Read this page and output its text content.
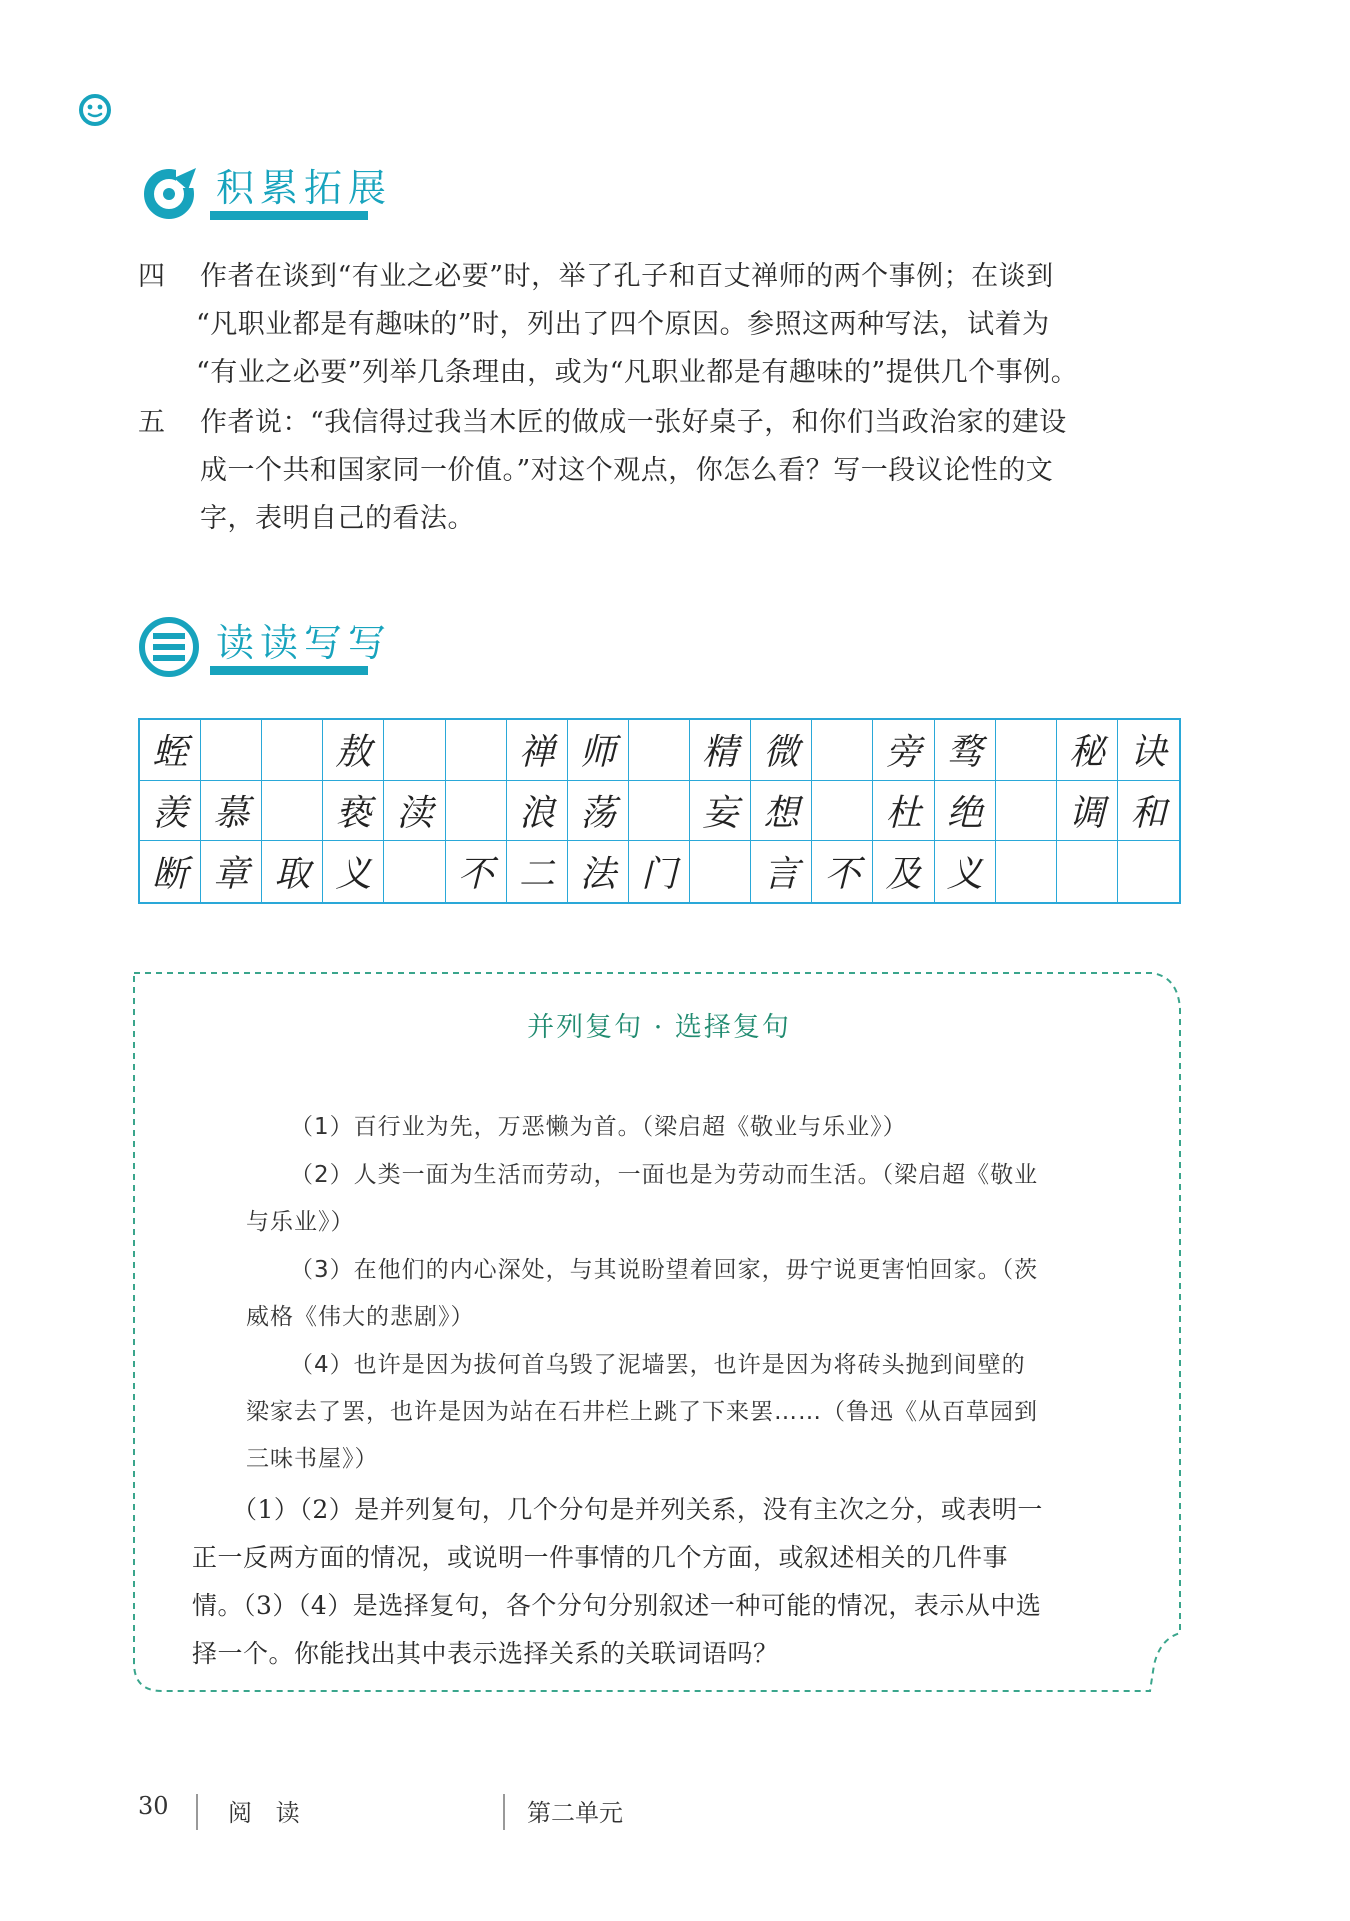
积累拓展
四 作者在谈到“有业之必要”时，举了孔子和百丈禅师的两个事例；在谈到
“凡职业都是有趣味的”时，列出了四个原因。参照这两种写法，试着为
“有业之必要”列举几条理由，或为“凡职业都是有趣味的”提供几个事例。
五 作者说：“我信得过我当木匠的做成一张好桌子，和你们当政治家的建设
成一个共和国家同一价值。”对这个观点，你怎么看？写一段议论性的文
字，表明自己的看法。
读读写写
蛭	敖	禅 师	精 微	旁 骛	秘 诀
羡 慕	亵 渎	浪 荡	妄 想	杜 绝	调 和
断 章 取 义	不 二 法 门	言 不 及 义
并列复句 · 选择复句
（1）百行业为先，万恶懒为首。（梁启超《敬业与乐业》）
（2）人类一面为生活而劳动，一面也是为劳动而生活。（梁启超《敬业
与乐业》）
（3）在他们的内心深处，与其说盼望着回家，毋宁说更害怕回家。（茨
威格《伟大的悲剧》）
（4）也许是因为拔何首乌毁了泥墙罢，也许是因为将砖头抛到间壁的
梁家去了罢，也许是因为站在石井栏上跳了下来罢……（鲁迅《从百草园到
三味书屋》）
（1）（2）是并列复句，几个分句是并列关系，没有主次之分，或表明一
正一反两方面的情况，或说明一件事情的几个方面，或叙述相关的几件事
情。（3）（4）是选择复句，各个分句分别叙述一种可能的情况，表示从中选
择一个。你能找出其中表示选择关系的关联词语吗？
30 阅 读	第二单元
